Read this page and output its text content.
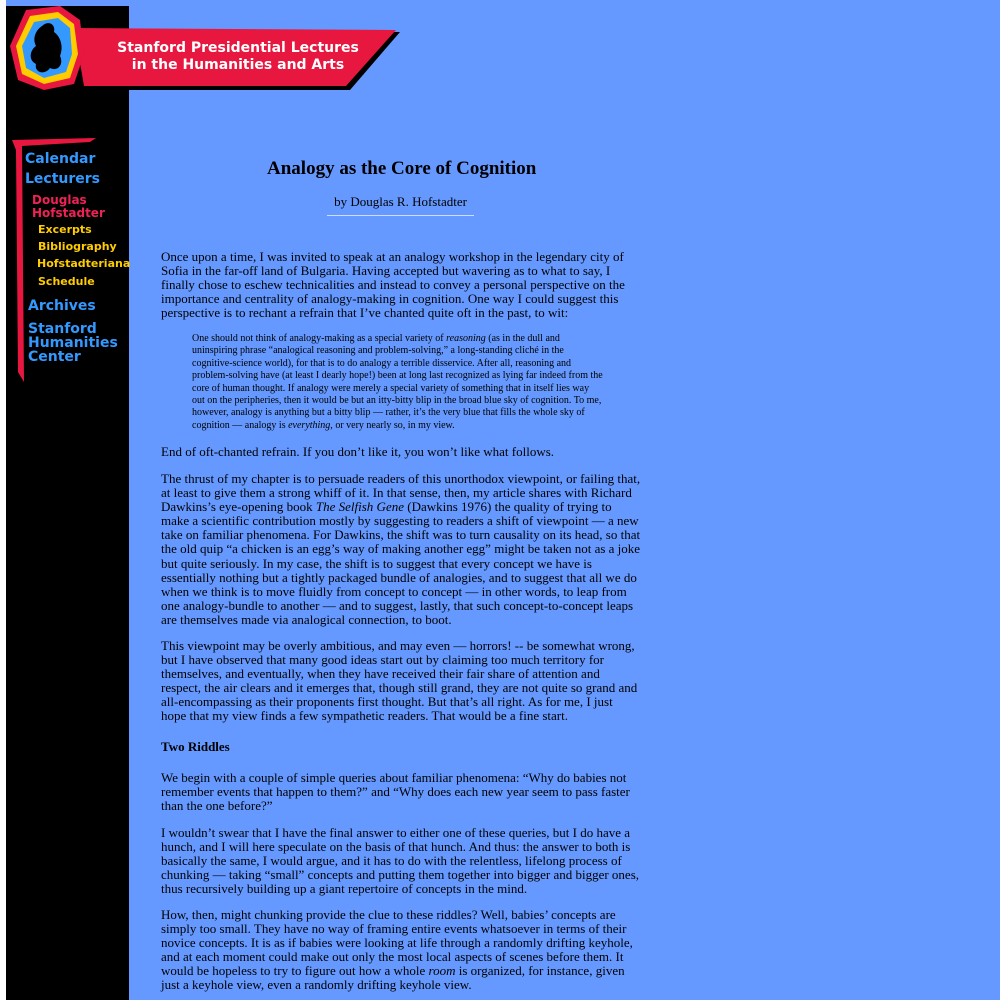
Stanford Presidential Lectures
in the Humanities and Arts
Calendar
Lecturers
Douglas
Hofstadter
Excerpts
Bibliography
Hofstadteriana
Schedule
Archives
Stanford
Humanities
Center
Analogy as the Core of Cognition
by Douglas R. Hofstadter

Once upon a time, I was invited to speak at an analogy workshop in the legendary city of Sofia in the far-off land of Bulgaria. Having accepted but wavering as to what to say, I finally chose to eschew technicalities and instead to convey a personal perspective on the importance and centrality of analogy-making in cognition. One way I could suggest this perspective is to rechant a refrain that I’ve chanted quite oft in the past, to wit:

One should not think of analogy-making as a special variety of reasoning (as in the dull and uninspiring phrase “analogical reasoning and problem-solving,” a long-standing cliché in the cognitive-science world), for that is to do analogy a terrible disservice. After all, reasoning and problem-solving have (at least I dearly hope!) been at long last recognized as lying far indeed from the core of human thought. If analogy were merely a special variety of something that in itself lies way out on the peripheries, then it would be but an itty-bitty blip in the broad blue sky of cognition. To me, however, analogy is anything but a bitty blip — rather, it’s the very blue that fills the whole sky of cognition — analogy is everything, or very nearly so, in my view.

End of oft-chanted refrain. If you don’t like it, you won’t like what follows.

The thrust of my chapter is to persuade readers of this unorthodox viewpoint, or failing that, at least to give them a strong whiff of it. In that sense, then, my article shares with Richard Dawkins’s eye-opening book The Selfish Gene (Dawkins 1976) the quality of trying to make a scientific contribution mostly by suggesting to readers a shift of viewpoint — a new take on familiar phenomena. For Dawkins, the shift was to turn causality on its head, so that the old quip “a chicken is an egg’s way of making another egg” might be taken not as a joke but quite seriously. In my case, the shift is to suggest that every concept we have is essentially nothing but a tightly packaged bundle of analogies, and to suggest that all we do when we think is to move fluidly from concept to concept — in other words, to leap from one analogy-bundle to another — and to suggest, lastly, that such concept-to-concept leaps are themselves made via analogical connection, to boot.

This viewpoint may be overly ambitious, and may even — horrors! -- be somewhat wrong, but I have observed that many good ideas start out by claiming too much territory for themselves, and eventually, when they have received their fair share of attention and respect, the air clears and it emerges that, though still grand, they are not quite so grand and all-encompassing as their proponents first thought. But that’s all right. As for me, I just hope that my view finds a few sympathetic readers. That would be a fine start.

Two Riddles

We begin with a couple of simple queries about familiar phenomena: “Why do babies not remember events that happen to them?” and “Why does each new year seem to pass faster than the one before?”

I wouldn’t swear that I have the final answer to either one of these queries, but I do have a hunch, and I will here speculate on the basis of that hunch. And thus: the answer to both is basically the same, I would argue, and it has to do with the relentless, lifelong process of chunking — taking “small” concepts and putting them together into bigger and bigger ones, thus recursively building up a giant repertoire of concepts in the mind.

How, then, might chunking provide the clue to these riddles? Well, babies’ concepts are simply too small. They have no way of framing entire events whatsoever in terms of their novice concepts. It is as if babies were looking at life through a randomly drifting keyhole, and at each moment could make out only the most local aspects of scenes before them. It would be hopeless to try to figure out how a whole room is organized, for instance, given just a keyhole view, even a randomly drifting keyhole view.
